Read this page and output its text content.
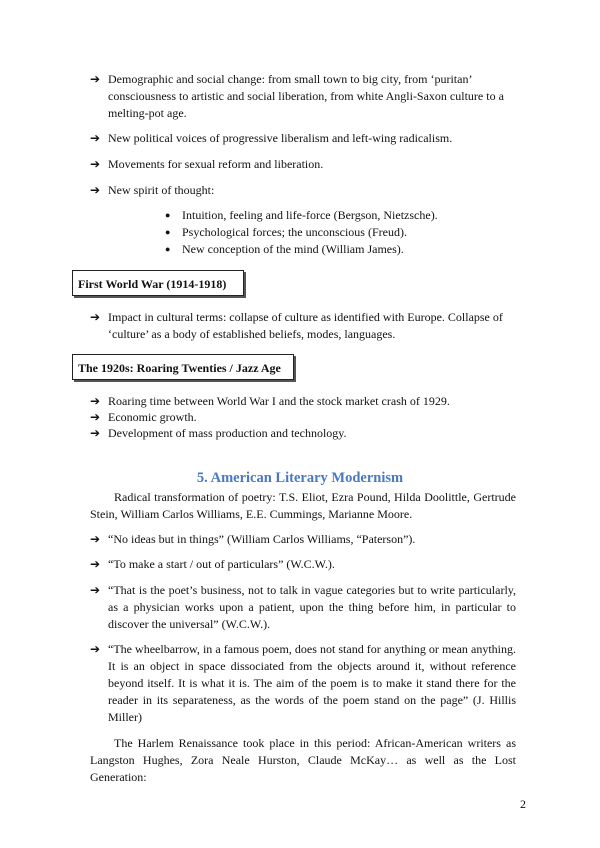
➔ Demographic and social change: from small town to big city, from ‘puritan’ consciousness to artistic and social liberation, from white Angli-Saxon culture to a melting-pot age.
➔ New political voices of progressive liberalism and left-wing radicalism.
➔ Movements for sexual reform and liberation.
➔ New spirit of thought:
● Intuition, feeling and life-force (Bergson, Nietzsche).
● Psychological forces; the unconscious (Freud).
● New conception of the mind (William James).
First World War (1914-1918)
➔ Impact in cultural terms: collapse of culture as identified with Europe. Collapse of ‘culture’ as a body of established beliefs, modes, languages.
The 1920s: Roaring Twenties / Jazz Age
➔ Roaring time between World War I and the stock market crash of 1929.
➔ Economic growth.
➔ Development of mass production and technology.
5. American Literary Modernism
Radical transformation of poetry: T.S. Eliot, Ezra Pound, Hilda Doolittle, Gertrude Stein, William Carlos Williams, E.E. Cummings, Marianne Moore.
➔ “No ideas but in things” (William Carlos Williams, “Paterson”).
➔ “To make a start / out of particulars” (W.C.W.).
➔ “That is the poet’s business, not to talk in vague categories but to write particularly, as a physician works upon a patient, upon the thing before him, in particular to discover the universal” (W.C.W.).
➔ “The wheelbarrow, in a famous poem, does not stand for anything or mean anything. It is an object in space dissociated from the objects around it, without reference beyond itself. It is what it is. The aim of the poem is to make it stand there for the reader in its separateness, as the words of the poem stand on the page” (J. Hillis Miller)
The Harlem Renaissance took place in this period: African-American writers as Langston Hughes, Zora Neale Hurston, Claude McKay… as well as the Lost Generation:
2
